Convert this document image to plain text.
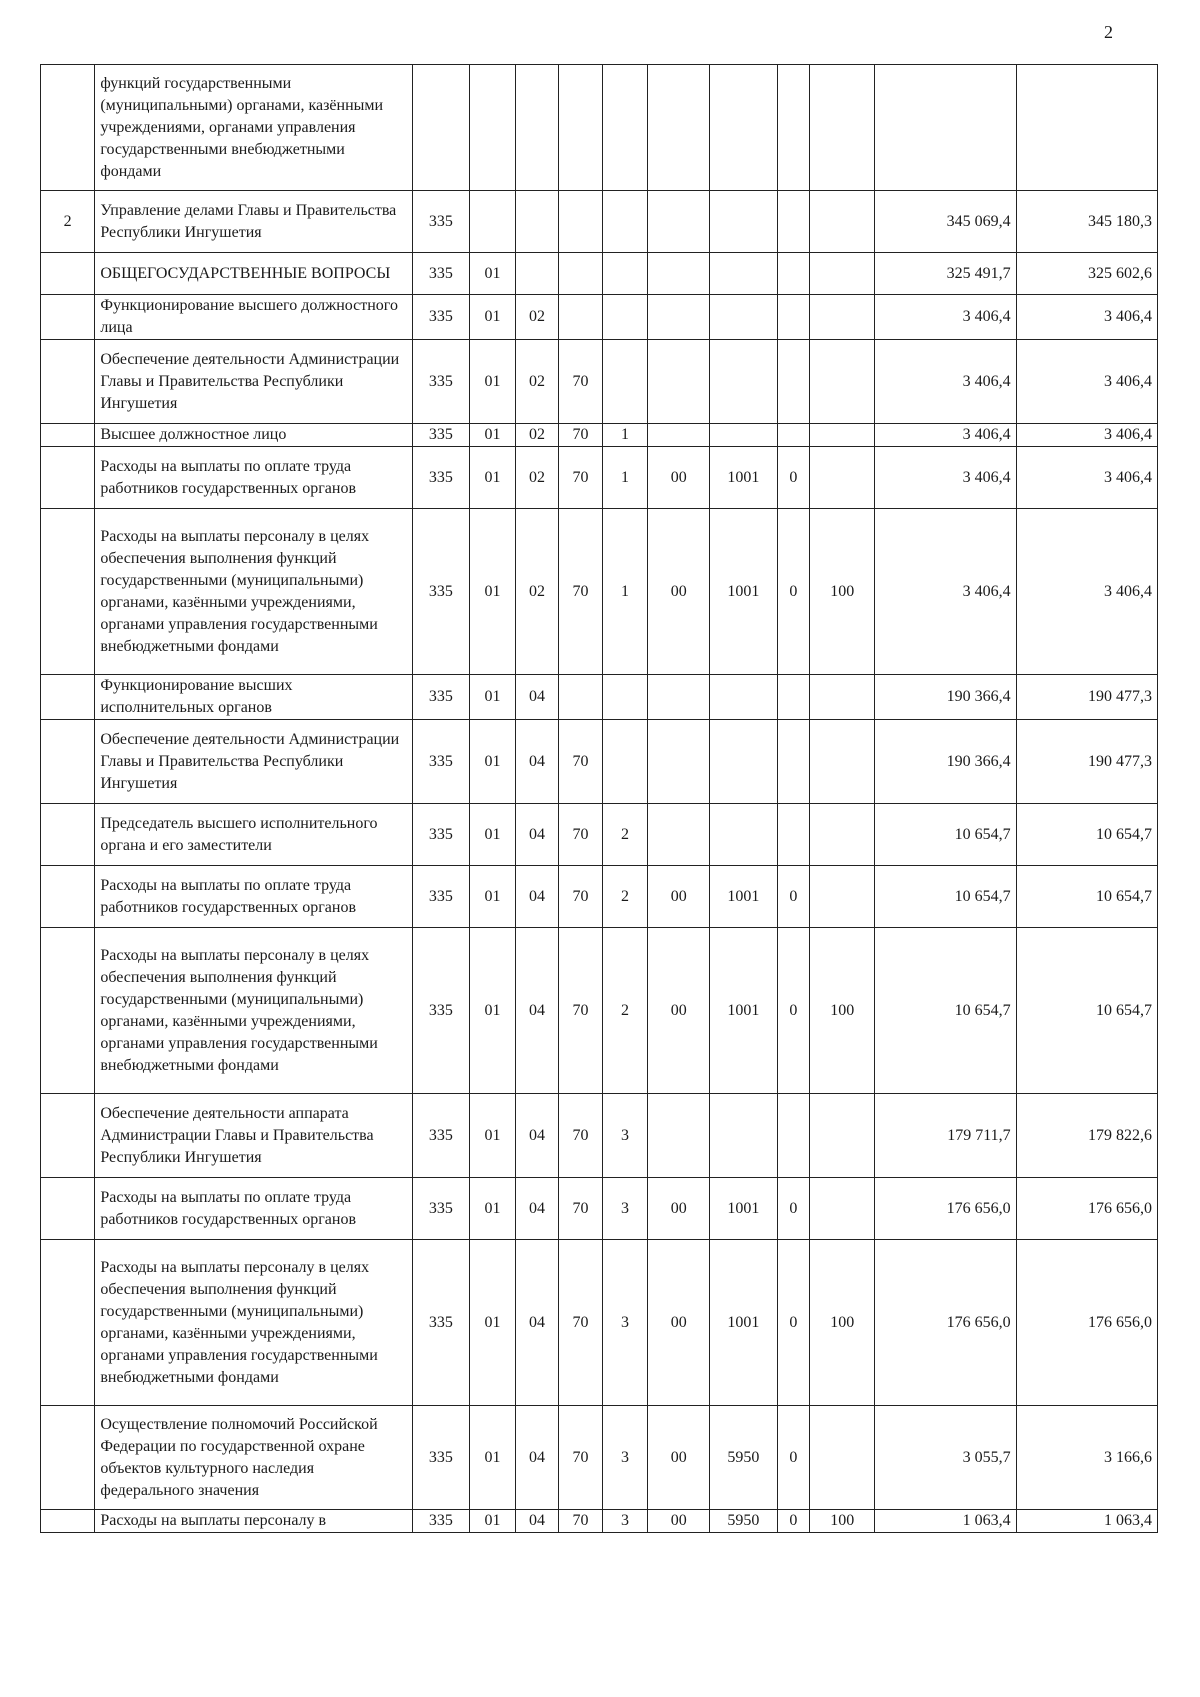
2
	функций государственными (муниципальными) органами, казёнными учреждениями, органами управления государственными внебюджетными фондами											
2	Управление делами Главы и Правительства Республики Ингушетия	335									345 069,4	345 180,3
	ОБЩЕГОСУДАРСТВЕННЫЕ ВОПРОСЫ	335	01								325 491,7	325 602,6
	Функционирование высшего должностного лица	335	01	02							3 406,4	3 406,4
	Обеспечение деятельности Администрации Главы и Правительства Республики Ингушетия	335	01	02	70						3 406,4	3 406,4
	Высшее должностное лицо	335	01	02	70	1					3 406,4	3 406,4
	Расходы на выплаты по оплате труда работников государственных органов	335	01	02	70	1	00	1001	0		3 406,4	3 406,4
	Расходы на выплаты персоналу в целях обеспечения выполнения функций государственными (муниципальными) органами, казёнными учреждениями, органами управления государственными внебюджетными фондами	335	01	02	70	1	00	1001	0	100	3 406,4	3 406,4
	Функционирование высших исполнительных органов	335	01	04							190 366,4	190 477,3
	Обеспечение деятельности Администрации Главы и Правительства Республики Ингушетия	335	01	04	70						190 366,4	190 477,3
	Председатель высшего исполнительного органа и его заместители	335	01	04	70	2					10 654,7	10 654,7
	Расходы на выплаты по оплате труда работников государственных органов	335	01	04	70	2	00	1001	0		10 654,7	10 654,7
	Расходы на выплаты персоналу в целях обеспечения выполнения функций государственными (муниципальными) органами, казёнными учреждениями, органами управления государственными внебюджетными фондами	335	01	04	70	2	00	1001	0	100	10 654,7	10 654,7
	Обеспечение деятельности аппарата Администрации Главы и Правительства Республики Ингушетия	335	01	04	70	3					179 711,7	179 822,6
	Расходы на выплаты по оплате труда работников государственных органов	335	01	04	70	3	00	1001	0		176 656,0	176 656,0
	Расходы на выплаты персоналу в целях обеспечения выполнения функций государственными (муниципальными) органами, казёнными учреждениями, органами управления государственными внебюджетными фондами	335	01	04	70	3	00	1001	0	100	176 656,0	176 656,0
	Осуществление полномочий Российской Федерации по государственной охране объектов культурного наследия федерального значения	335	01	04	70	3	00	5950	0		3 055,7	3 166,6
	Расходы на выплаты персоналу в	335	01	04	70	3	00	5950	0	100	1 063,4	1 063,4
